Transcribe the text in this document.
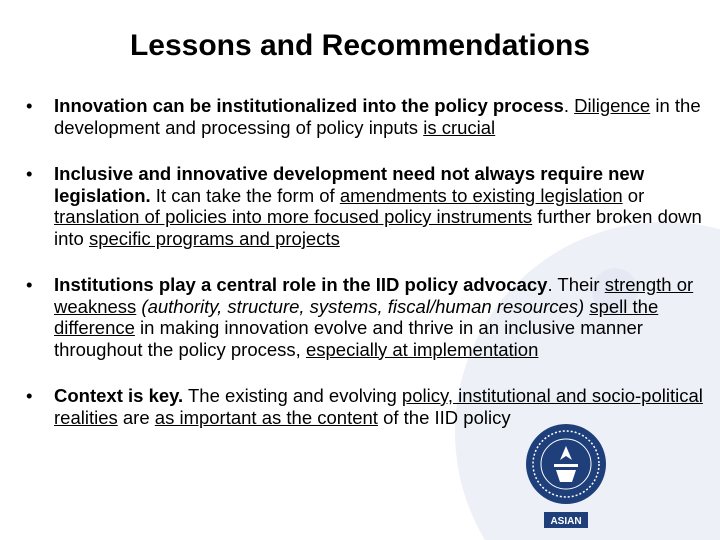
ASIAN
Lessons and Recommendations
•	Innovation can be institutionalized into the policy process. Diligence in the development and processing of policy inputs is crucial
•	Inclusive and innovative development need not always require new legislation. It can take the form of amendments to existing legislation or translation of policies into more focused policy instruments further broken down into specific programs and projects
•	Institutions play a central role in the IID policy advocacy. Their strength or weakness (authority, structure, systems, fiscal/human resources) spell the difference in making innovation evolve and thrive in an inclusive manner throughout the policy process, especially at implementation
•	Context is key. The existing and evolving policy, institutional and socio-political realities are as important as the content of the IID policy
